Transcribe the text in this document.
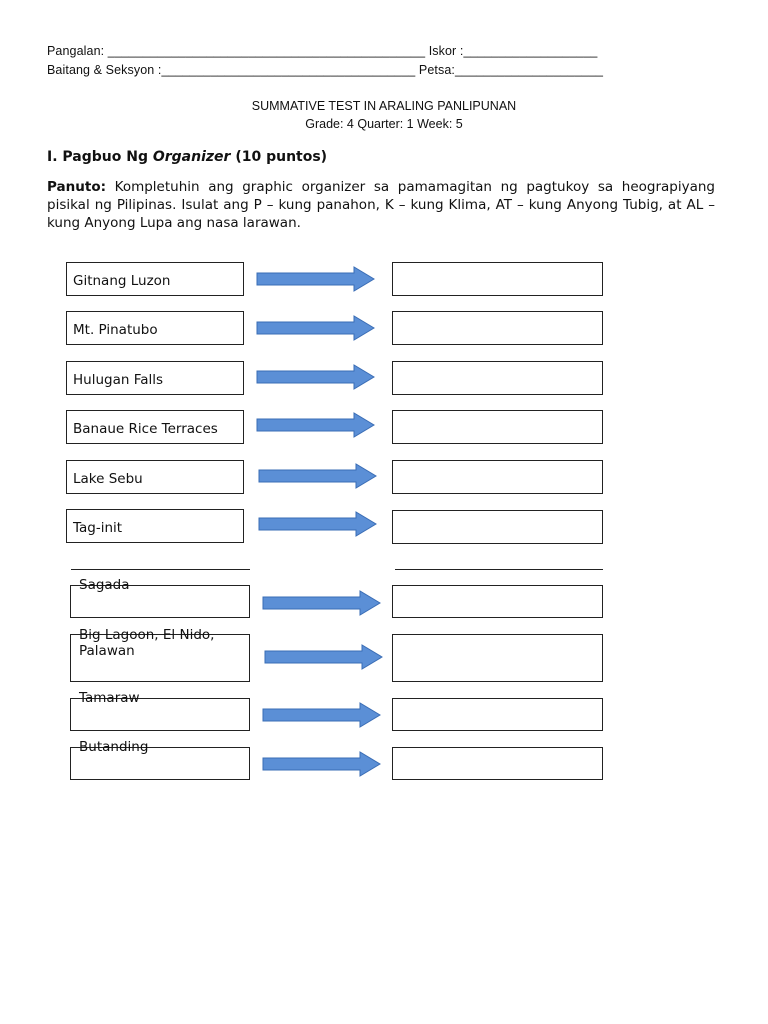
Pangalan: _____________________________________________ Iskor :___________________
Baitang & Seksyon :____________________________________ Petsa:_____________________
SUMMATIVE TEST IN ARALING PANLIPUNAN
Grade: 4 Quarter: 1 Week: 5
I. Pagbuo Ng Organizer (10 puntos)
Panuto: Kompletuhin ang graphic organizer sa pamamagitan ng pagtukoy sa heograpiyang pisikal ng Pilipinas. Isulat ang P – kung panahon, K – kung Klima, AT – kung Anyong Tubig, at AL – kung Anyong Lupa ang nasa larawan.
Gitnang Luzon
Mt. Pinatubo
Hulugan Falls
Banaue Rice Terraces
Lake Sebu
Tag-init
Sagada
Big Lagoon, El Nido, Palawan
Tamaraw
Butanding
